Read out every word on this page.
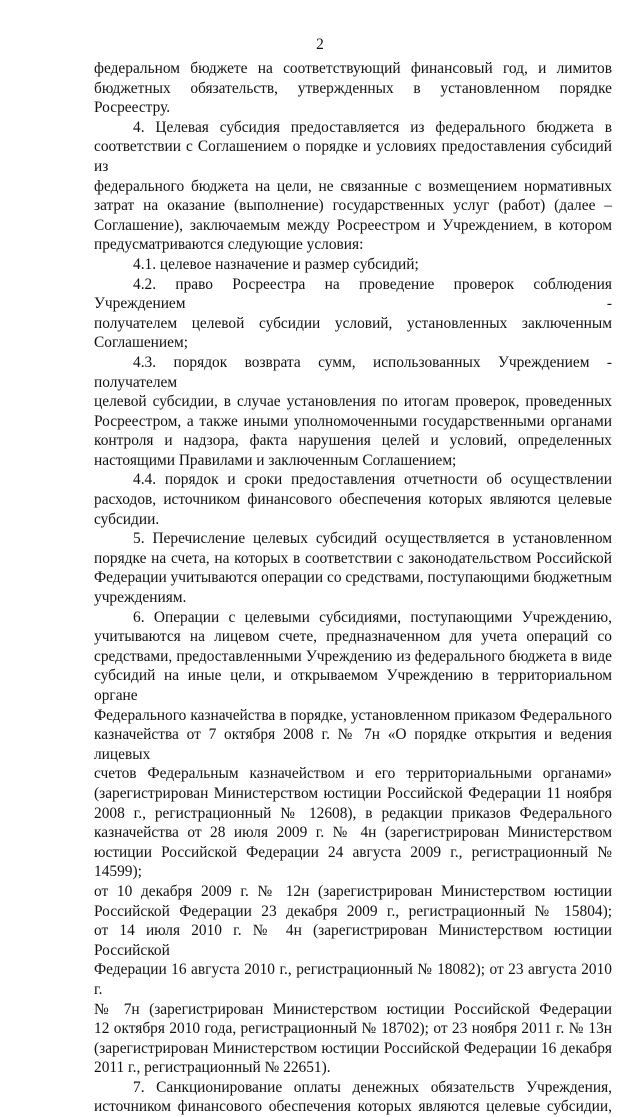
2
федеральном бюджете на соответствующий финансовый год, и лимитов
бюджетных обязательств, утвержденных в установленном порядке Росреестру.
4. Целевая субсидия предоставляется из федерального бюджета в
соответствии с Соглашением о порядке и условиях предоставления субсидий из
федерального бюджета на цели, не связанные с возмещением нормативных
затрат на оказание (выполнение) государственных услуг (работ) (далее –
Соглашение), заключаемым между Росреестром и Учреждением, в котором
предусматриваются следующие условия:
4.1. целевое назначение и размер субсидий;
4.2. право Росреестра на проведение проверок соблюдения Учреждением -
получателем целевой субсидии условий, установленных заключенным
Соглашением;
4.3. порядок возврата сумм, использованных Учреждением - получателем
целевой субсидии, в случае установления по итогам проверок, проведенных
Росреестром, а также иными уполномоченными государственными органами
контроля и надзора, факта нарушения целей и условий, определенных
настоящими Правилами и заключенным Соглашением;
4.4. порядок и сроки предоставления отчетности об осуществлении
расходов, источником финансового обеспечения которых являются целевые
субсидии.
5. Перечисление целевых субсидий осуществляется в установленном
порядке на счета, на которых в соответствии с законодательством Российской
Федерации учитываются операции со средствами, поступающими бюджетным
учреждениям.
6. Операции с целевыми субсидиями, поступающими Учреждению,
учитываются на лицевом счете, предназначенном для учета операций со
средствами, предоставленными Учреждению из федерального бюджета в виде
субсидий на иные цели, и открываемом Учреждению в территориальном органе
Федерального казначейства в порядке, установленном приказом Федерального
казначейства от 7 октября 2008 г. № 7н «О порядке открытия и ведения лицевых
счетов Федеральным казначейством и его территориальными органами»
(зарегистрирован Министерством юстиции Российской Федерации 11 ноября
2008 г., регистрационный № 12608), в редакции приказов Федерального
казначейства от 28 июля 2009 г. № 4н (зарегистрирован Министерством
юстиции Российской Федерации 24 августа 2009 г., регистрационный № 14599);
от 10 декабря 2009 г. № 12н (зарегистрирован Министерством юстиции
Российской Федерации 23 декабря 2009 г., регистрационный № 15804);
от 14 июля 2010 г. № 4н (зарегистрирован Министерством юстиции Российской
Федерации 16 августа 2010 г., регистрационный № 18082); от 23 августа 2010 г.
№ 7н (зарегистрирован Министерством юстиции Российской Федерации
12 октября 2010 года, регистрационный № 18702); от 23 ноября 2011 г. № 13н
(зарегистрирован Министерством юстиции Российской Федерации 16 декабря
2011 г., регистрационный № 22651).
7. Санкционирование оплаты денежных обязательств Учреждения,
источником финансового обеспечения которых являются целевые субсидии,
